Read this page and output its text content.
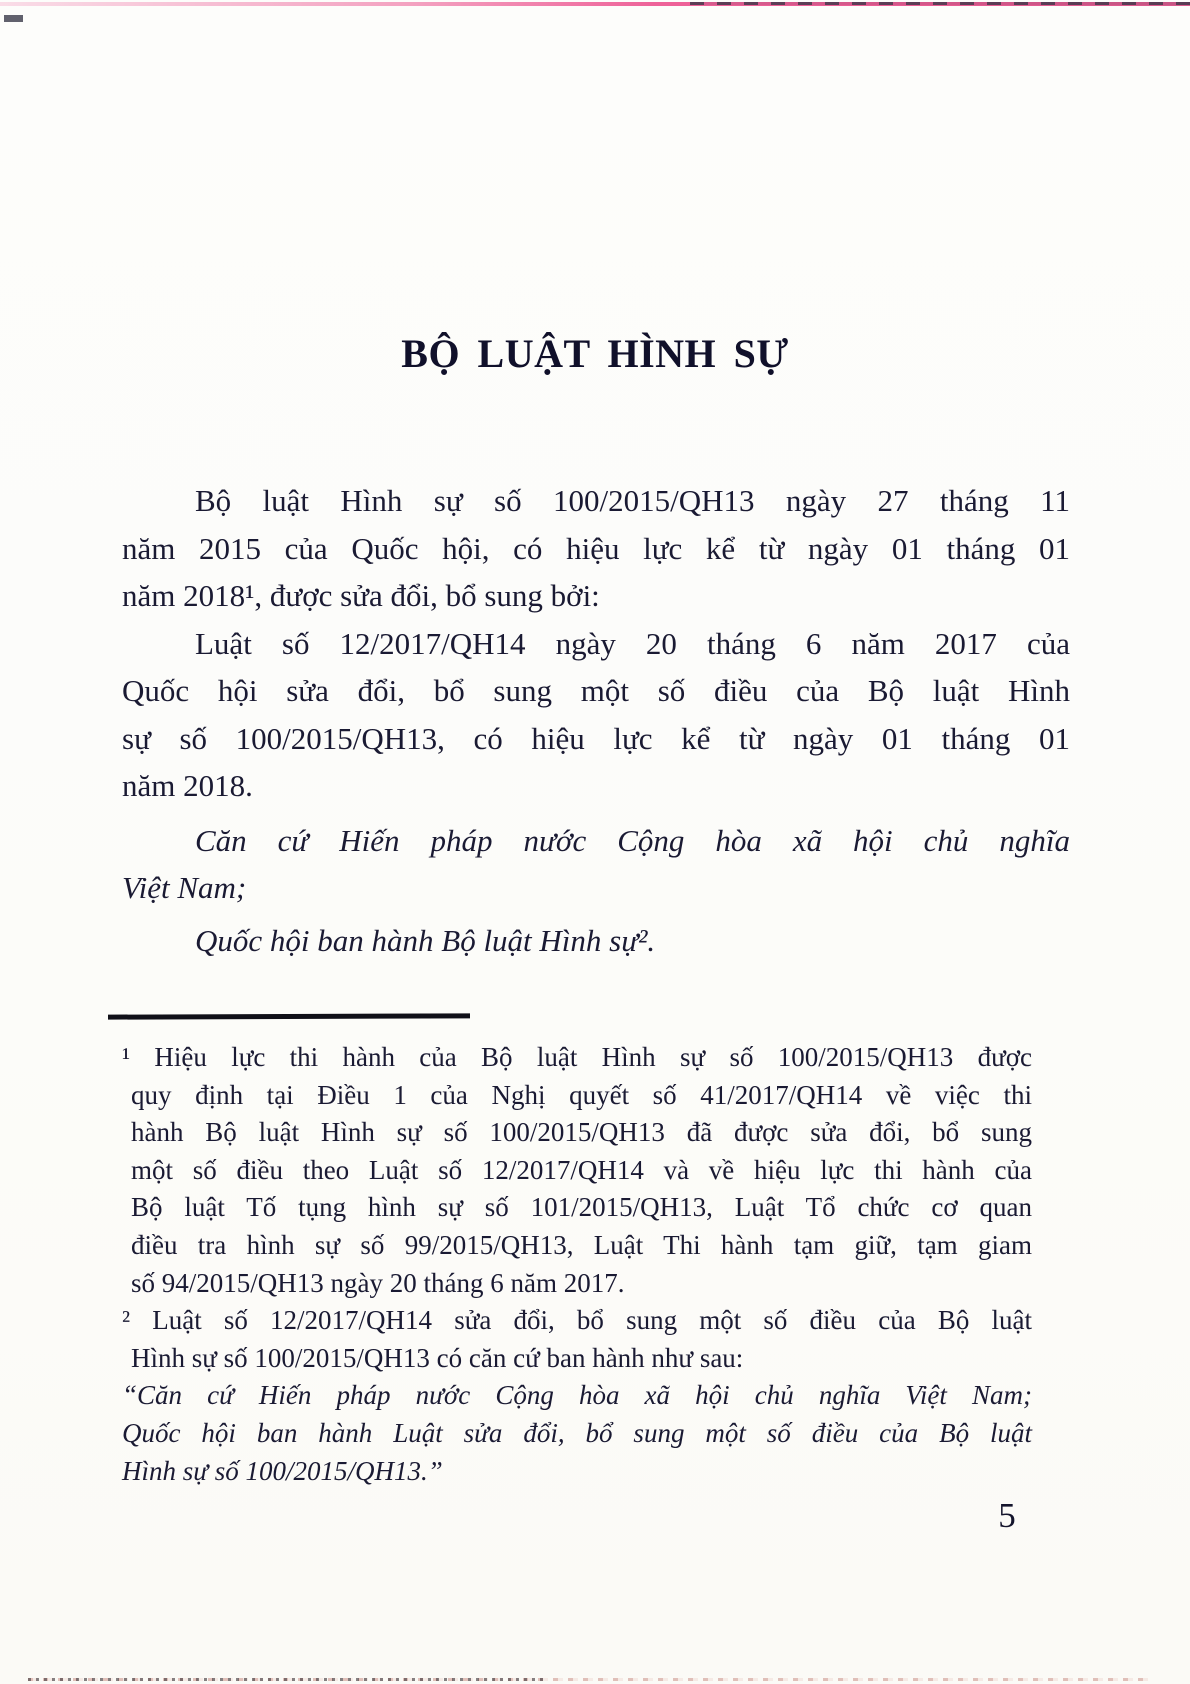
BỘ LUẬT HÌNH SỰ
Bộ luật Hình sự số 100/2015/QH13 ngày 27 tháng 11
năm 2015 của Quốc hội, có hiệu lực kể từ ngày 01 tháng 01
năm 2018¹, được sửa đổi, bổ sung bởi:
Luật số 12/2017/QH14 ngày 20 tháng 6 năm 2017 của
Quốc hội sửa đổi, bổ sung một số điều của Bộ luật Hình
sự số 100/2015/QH13, có hiệu lực kể từ ngày 01 tháng 01
năm 2018.
Căn cứ Hiến pháp nước Cộng hòa xã hội chủ nghĩa
Việt Nam;
Quốc hội ban hành Bộ luật Hình sự².
¹ Hiệu lực thi hành của Bộ luật Hình sự số 100/2015/QH13 được
quy định tại Điều 1 của Nghị quyết số 41/2017/QH14 về việc thi
hành Bộ luật Hình sự số 100/2015/QH13 đã được sửa đổi, bổ sung
một số điều theo Luật số 12/2017/QH14 và về hiệu lực thi hành của
Bộ luật Tố tụng hình sự số 101/2015/QH13, Luật Tổ chức cơ quan
điều tra hình sự số 99/2015/QH13, Luật Thi hành tạm giữ, tạm giam
số 94/2015/QH13 ngày 20 tháng 6 năm 2017.
² Luật số 12/2017/QH14 sửa đổi, bổ sung một số điều của Bộ luật
Hình sự số 100/2015/QH13 có căn cứ ban hành như sau:
“Căn cứ Hiến pháp nước Cộng hòa xã hội chủ nghĩa Việt Nam;
Quốc hội ban hành Luật sửa đổi, bổ sung một số điều của Bộ luật
Hình sự số 100/2015/QH13.”
5
